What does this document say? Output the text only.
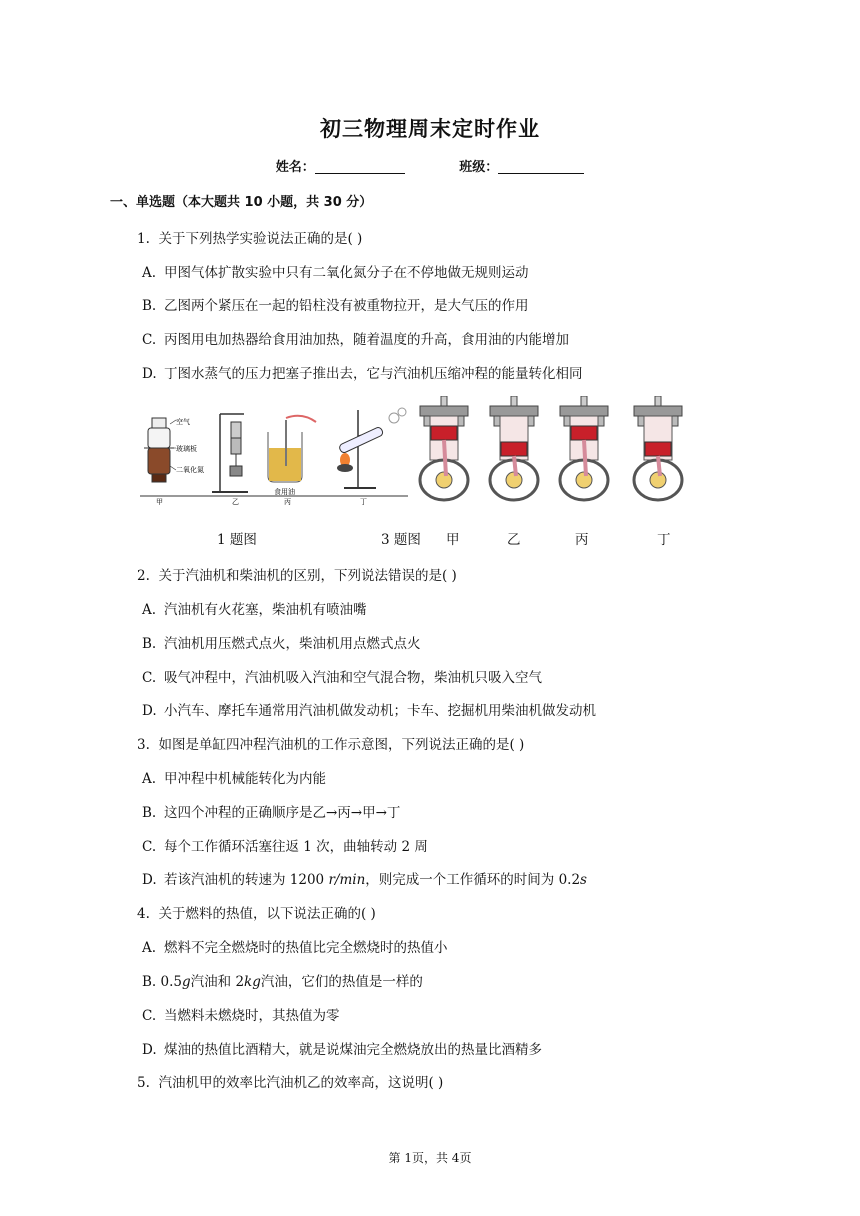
初三物理周末定时作业
姓名：	班级：
一、单选题（本大题共 10 小题，共 30 分）
1. 关于下列热学实验说法正确的是( )
A. 甲图气体扩散实验中只有二氧化氮分子在不停地做无规则运动
B. 乙图两个紧压在一起的铅柱没有被重物拉开，是大气压的作用
C. 丙图用电加热器给食用油加热，随着温度的升高，食用油的内能增加
D. 丁图水蒸气的压力把塞子推出去，它与汽油机压缩冲程的能量转化相同
空气
玻璃板
二氧化氮
甲	乙
食用油
丙	丁
1 题图	3 题图 甲	乙	丙	丁
2. 关于汽油机和柴油机的区别，下列说法错误的是( )
A. 汽油机有火花塞，柴油机有喷油嘴
B. 汽油机用压燃式点火，柴油机用点燃式点火
C. 吸气冲程中，汽油机吸入汽油和空气混合物，柴油机只吸入空气
D. 小汽车、摩托车通常用汽油机做发动机；卡车、挖掘机用柴油机做发动机
3. 如图是单缸四冲程汽油机的工作示意图，下列说法正确的是( )
A. 甲冲程中机械能转化为内能
B. 这四个冲程的正确顺序是乙→丙→甲→丁
C. 每个工作循环活塞往返 1 次，曲轴转动 2 周
D. 若该汽油机的转速为 1200 r/min，则完成一个工作循环的时间为 0.2s
4. 关于燃料的热值，以下说法正确的( )
A. 燃料不完全燃烧时的热值比完全燃烧时的热值小
B. 0.5g汽油和 2kg汽油，它们的热值是一样的
C. 当燃料未燃烧时，其热值为零
D. 煤油的热值比酒精大，就是说煤油完全燃烧放出的热量比酒精多
5. 汽油机甲的效率比汽油机乙的效率高，这说明( )
第 1页，共 4页
